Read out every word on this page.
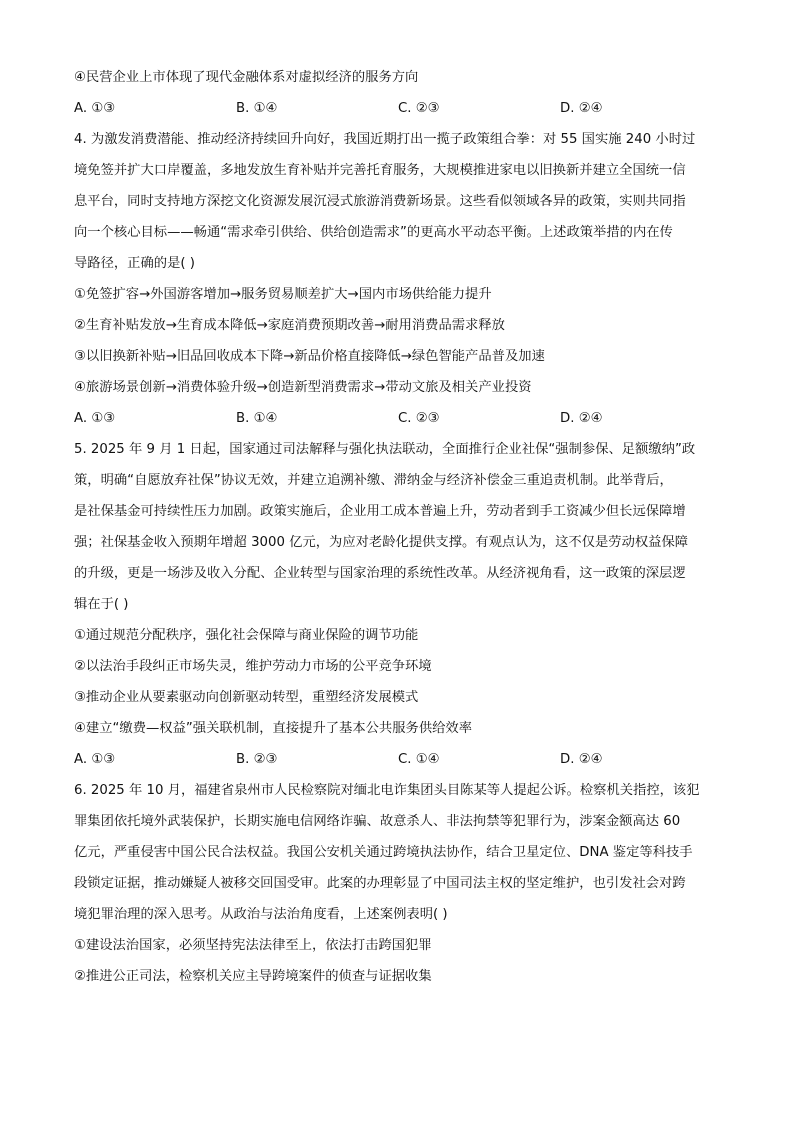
④民营企业上市体现了现代金融体系对虚拟经济的服务方向
A. ①③	B. ①④	C. ②③	D. ②④
4. 为激发消费潜能、推动经济持续回升向好，我国近期打出一揽子政策组合拳：对 55 国实施 240 小时过
境免签并扩大口岸覆盖，多地发放生育补贴并完善托育服务，大规模推进家电以旧换新并建立全国统一信
息平台，同时支持地方深挖文化资源发展沉浸式旅游消费新场景。这些看似领域各异的政策，实则共同指
向一个核心目标——畅通“需求牵引供给、供给创造需求”的更高水平动态平衡。上述政策举措的内在传
导路径，正确的是( )
①免签扩容→外国游客增加→服务贸易顺差扩大→国内市场供给能力提升
②生育补贴发放→生育成本降低→家庭消费预期改善→耐用消费品需求释放
③以旧换新补贴→旧品回收成本下降→新品价格直接降低→绿色智能产品普及加速
④旅游场景创新→消费体验升级→创造新型消费需求→带动文旅及相关产业投资
A. ①③	B. ①④	C. ②③	D. ②④
5. 2025 年 9 月 1 日起，国家通过司法解释与强化执法联动，全面推行企业社保“强制参保、足额缴纳”政
策，明确“自愿放弃社保”协议无效，并建立追溯补缴、滞纳金与经济补偿金三重追责机制。此举背后，
是社保基金可持续性压力加剧。政策实施后，企业用工成本普遍上升，劳动者到手工资减少但长远保障增
强；社保基金收入预期年增超 3000 亿元，为应对老龄化提供支撑。有观点认为，这不仅是劳动权益保障
的升级，更是一场涉及收入分配、企业转型与国家治理的系统性改革。从经济视角看，这一政策的深层逻
辑在于( )
①通过规范分配秩序，强化社会保障与商业保险的调节功能
②以法治手段纠正市场失灵，维护劳动力市场的公平竞争环境
③推动企业从要素驱动向创新驱动转型，重塑经济发展模式
④建立“缴费—权益”强关联机制，直接提升了基本公共服务供给效率
A. ①③	B. ②③	C. ①④	D. ②④
6. 2025 年 10 月，福建省泉州市人民检察院对缅北电诈集团头目陈某等人提起公诉。检察机关指控，该犯
罪集团依托境外武装保护，长期实施电信网络诈骗、故意杀人、非法拘禁等犯罪行为，涉案金额高达 60
亿元，严重侵害中国公民合法权益。我国公安机关通过跨境执法协作，结合卫星定位、DNA 鉴定等科技手
段锁定证据，推动嫌疑人被移交回国受审。此案的办理彰显了中国司法主权的坚定维护，也引发社会对跨
境犯罪治理的深入思考。从政治与法治角度看，上述案例表明( )
①建设法治国家，必须坚持宪法法律至上，依法打击跨国犯罪
②推进公正司法，检察机关应主导跨境案件的侦查与证据收集
